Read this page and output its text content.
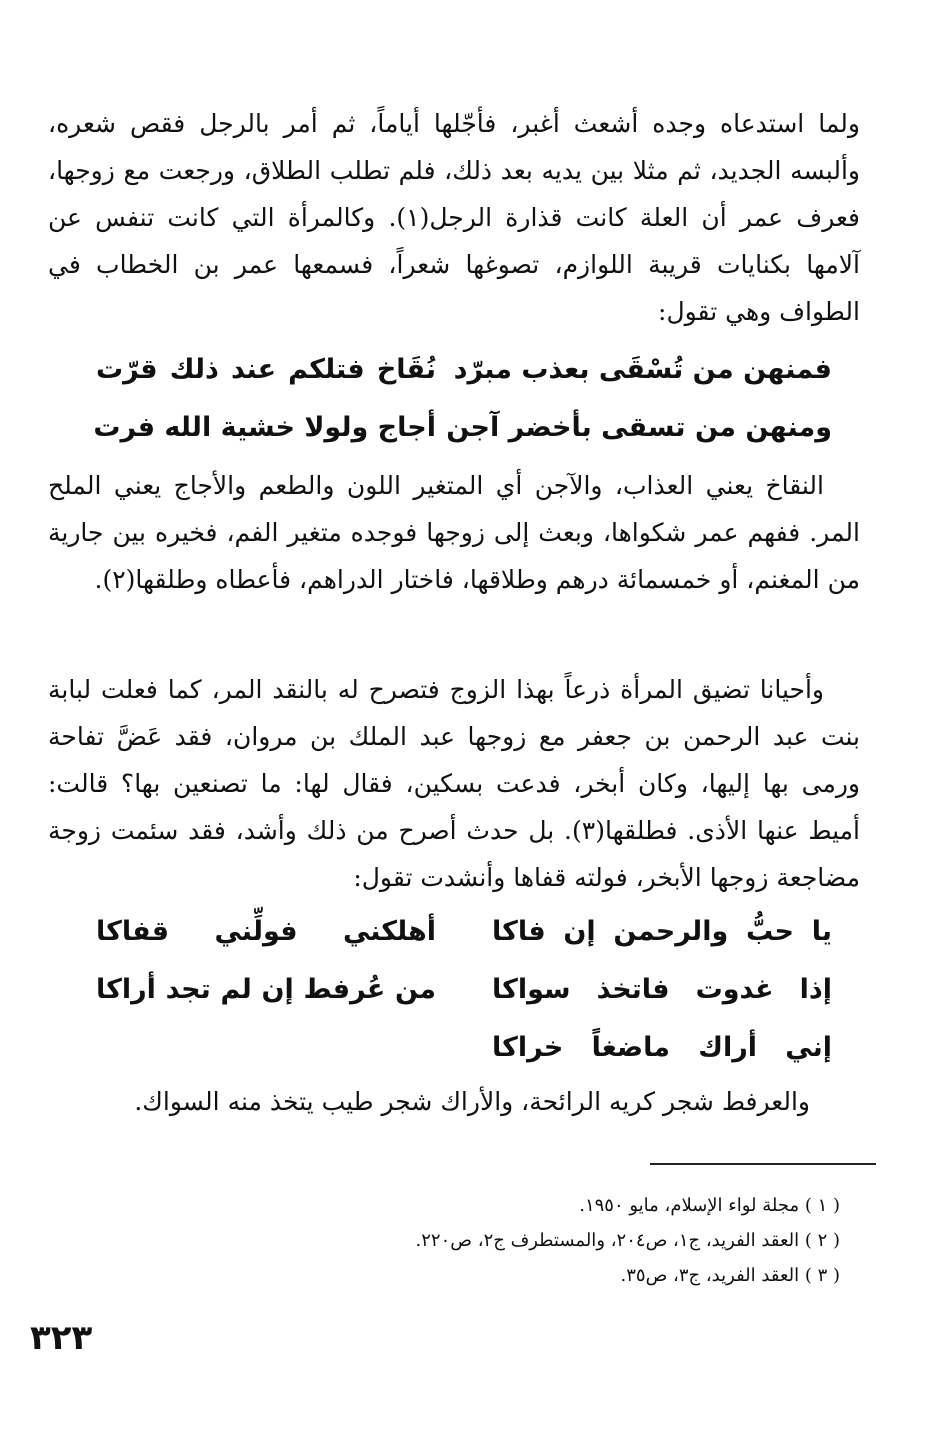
ولما استدعاه وجده أشعث أغبر، فأجّلها أياماً، ثم أمر بالرجل فقص شعره، وألبسه الجديد، ثم مثلا بين يديه بعد ذلك، فلم تطلب الطلاق، ورجعت مع زوجها، فعرف عمر أن العلة كانت قذارة الرجل(١). وكالمرأة التي كانت تنفس عن آلامها بكنايات قريبة اللوازم، تصوغها شعراً، فسمعها عمر بن الخطاب في الطواف وهي تقول:

فمنهن من تُسْقَى بعذب مبرّد
نُقَاخ فتلكم عند ذلك قرّت
ومنهن من تسقى بأخضر آجن
أجاج ولولا خشية الله فرت

النقاخ يعني العذاب، والآجن أي المتغير اللون والطعم والأجاج يعني الملح المر. ففهم عمر شكواها، وبعث إلى زوجها فوجده متغير الفم، فخيره بين جارية من المغنم، أو خمسمائة درهم وطلاقها، فاختار الدراهم، فأعطاه وطلقها(٢).

وأحيانا تضيق المرأة ذرعاً بهذا الزوج فتصرح له بالنقد المر، كما فعلت لبابة بنت عبد الرحمن بن جعفر مع زوجها عبد الملك بن مروان، فقد عَضَّ تفاحة ورمى بها إليها، وكان أبخر، فدعت بسكين، فقال لها: ما تصنعين بها؟ قالت: أميط عنها الأذى. فطلقها(٣). بل حدث أصرح من ذلك وأشد، فقد سئمت زوجة مضاجعة زوجها الأبخر، فولته قفاها وأنشدت تقول:

يا حبُّ والرحمن إن فاكا
أهلكني فولِّني قفاكا
إذا غدوت فاتخذ سواكا
من عُرفط إن لم تجد أراكا
إني أراك ماضغاً خراكا

والعرفط شجر كريه الرائحة، والأراك شجر طيب يتخذ منه السواك.

( ١ ) مجلة لواء الإسلام، مايو ١٩٥٠.
( ٢ ) العقد الفريد، ج١، ص٢٠٤، والمستطرف ج٢، ص٢٢٠.
( ٣ ) العقد الفريد، ج٣، ص٣٥.
٣٢٣
